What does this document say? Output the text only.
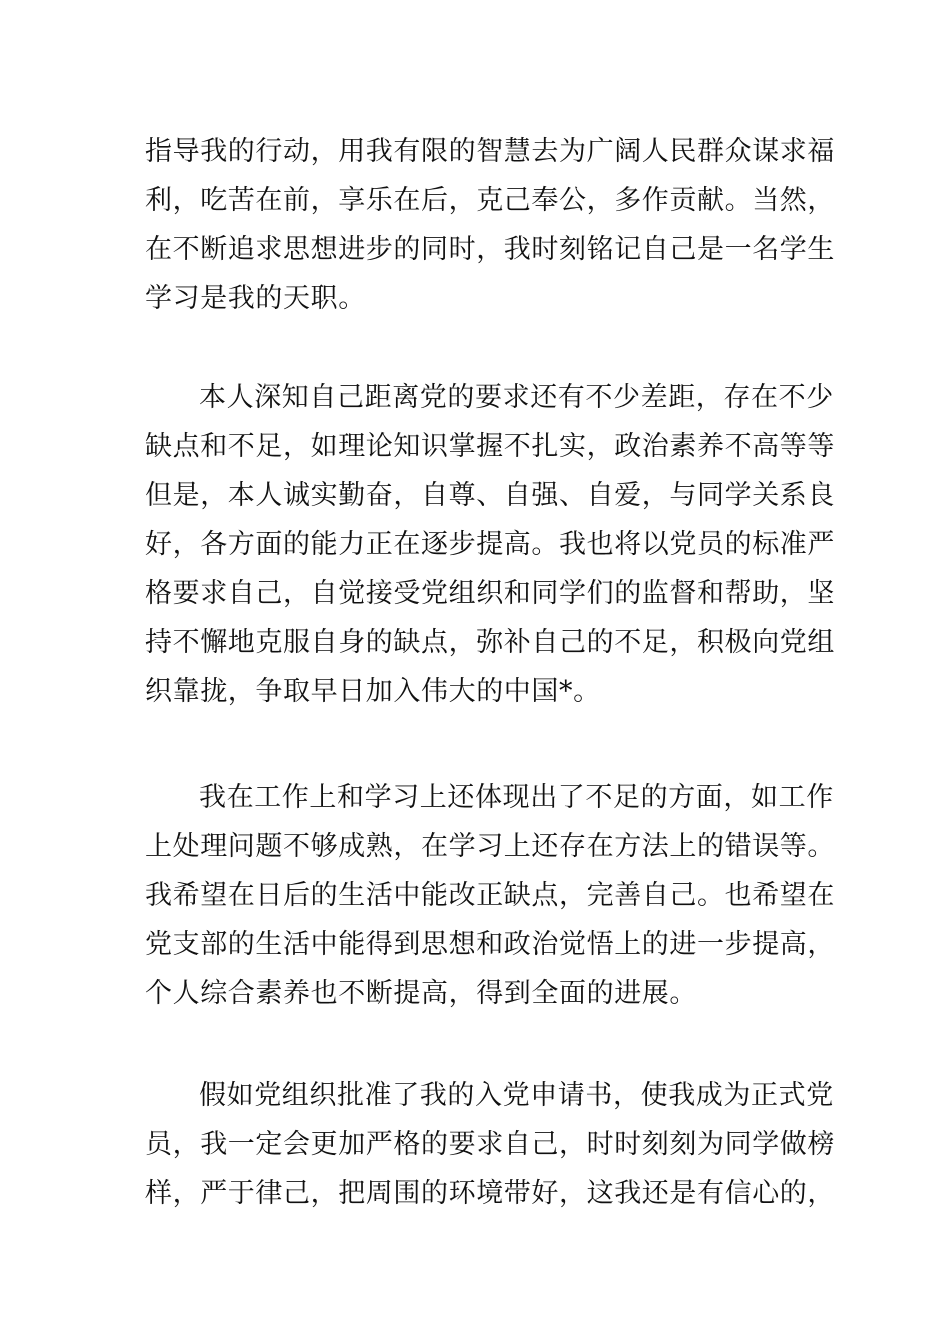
指导我的行动，用我有限的智慧去为广阔人民群众谋求福
利，吃苦在前，享乐在后，克己奉公，多作贡献。当然，
在不断追求思想进步的同时，我时刻铭记自己是一名学生
学习是我的天职。
本人深知自己距离党的要求还有不少差距，存在不少
缺点和不足，如理论知识掌握不扎实，政治素养不高等等
但是，本人诚实勤奋，自尊、自强、自爱，与同学关系良
好，各方面的能力正在逐步提高。我也将以党员的标准严
格要求自己，自觉接受党组织和同学们的监督和帮助，坚
持不懈地克服自身的缺点，弥补自己的不足，积极向党组
织靠拢，争取早日加入伟大的中国*。
我在工作上和学习上还体现出了不足的方面，如工作
上处理问题不够成熟，在学习上还存在方法上的错误等。
我希望在日后的生活中能改正缺点，完善自己。也希望在
党支部的生活中能得到思想和政治觉悟上的进一步提高，
个人综合素养也不断提高，得到全面的进展。
假如党组织批准了我的入党申请书，使我成为正式党
员，我一定会更加严格的要求自己，时时刻刻为同学做榜
样，严于律己，把周围的环境带好，这我还是有信心的，
